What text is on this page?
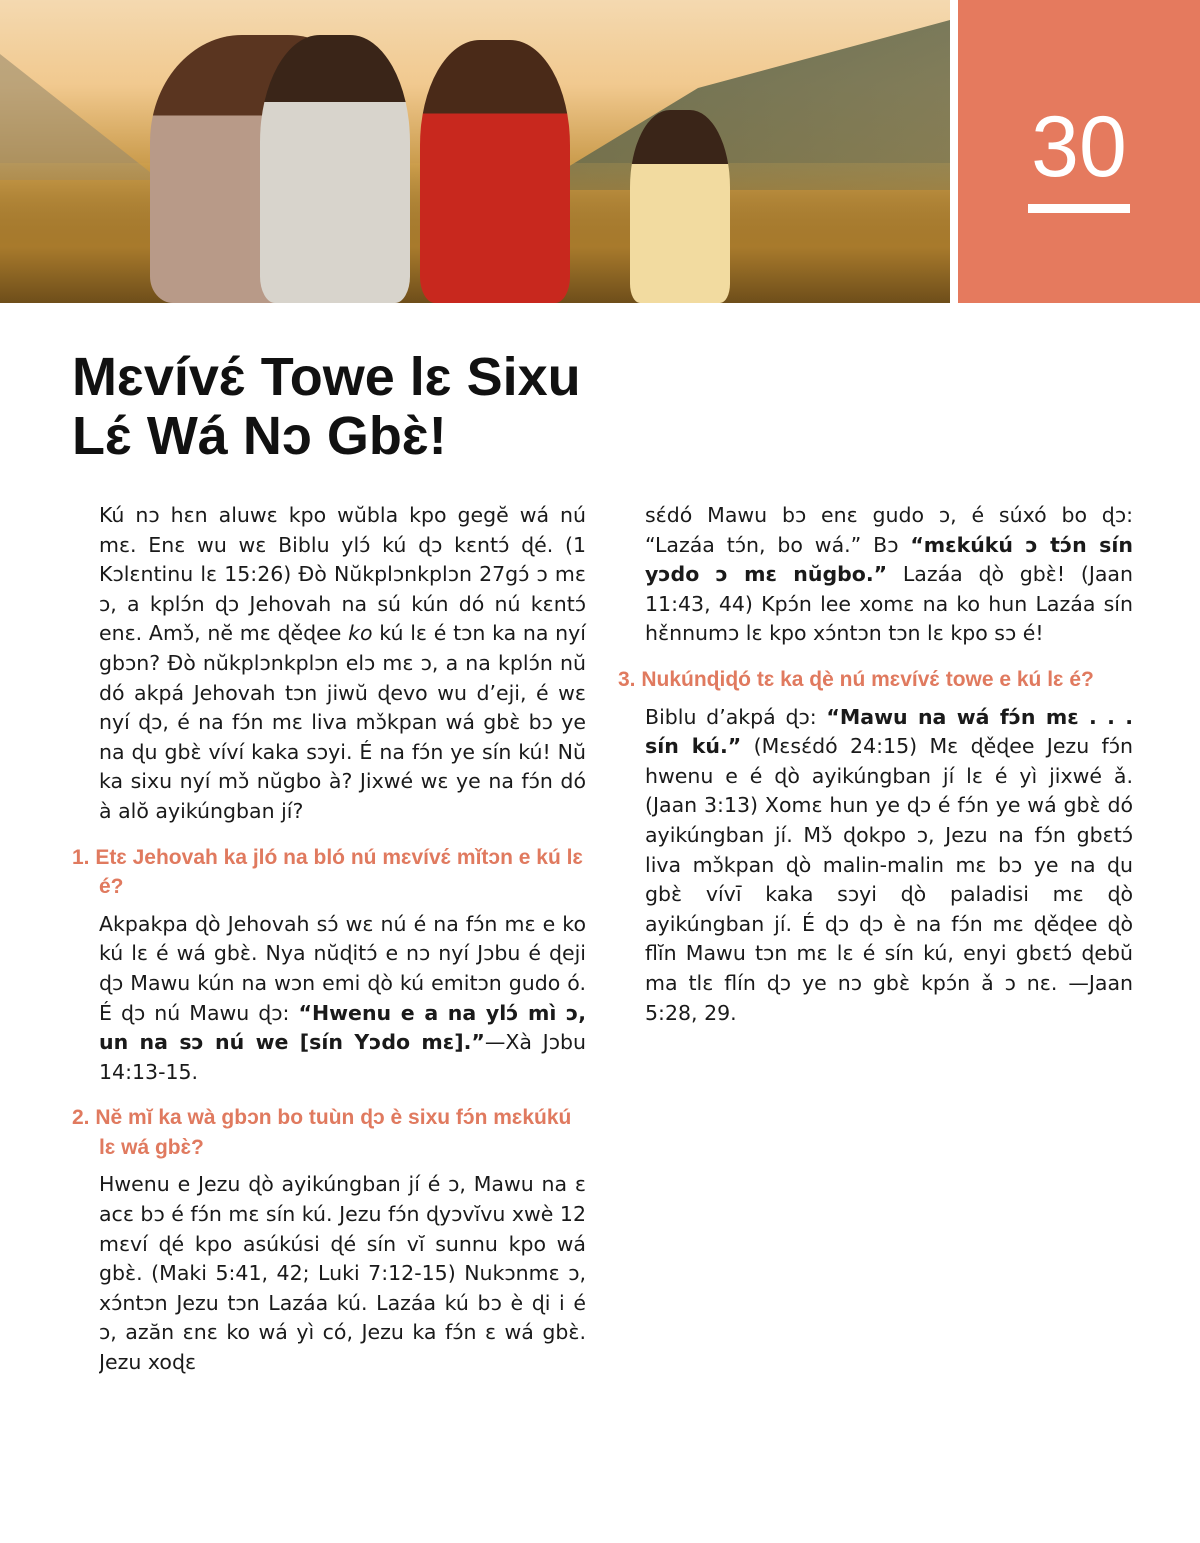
30
Mɛvívɛ́ Towe lɛ Sixu
Lɛ́ Wá Nɔ Gbɛ̀!

Kú nɔ hɛn aluwɛ kpo wŭbla kpo gegĕ wá nú mɛ. Enɛ wu wɛ Biblu ylɔ́ kú ɖɔ kɛntɔ́ ɖé. (1 Kɔlɛntinu lɛ 15:26) Ðò Nŭkplɔnkplɔn 27gɔ́ ɔ mɛ ɔ, a kplɔ́n ɖɔ Jehovah na sú kún dó nú kɛntɔ́ enɛ. Amɔ̌, nĕ mɛ ɖěɖee ko kú lɛ é tɔn ka na nyí gbɔn? Ðò nŭkplɔnkplɔn elɔ mɛ ɔ, a na kplɔ́n nŭ dó akpá Jehovah tɔn jiwŭ ɖevo wu d’eji, é wɛ nyí ɖɔ, é na fɔ́n mɛ liva mɔ̌kpan wá gbɛ̀ bɔ ye na ɖu gbɛ̀ víví kaka sɔyi. É na fɔ́n ye sín kú! Nŭ ka sixu nyí mɔ̌ nŭgbo à? Jixwé wɛ ye na fɔ́n dó à alŏ ayikúngban jí?

1. Etɛ Jehovah ka jló na bló nú mɛvívɛ́ mǐtɔn e kú lɛ é?

Akpakpa ɖò Jehovah sɔ́ wɛ nú é na fɔ́n mɛ e ko kú lɛ é wá gbɛ̀. Nya nŭɖitɔ́ e nɔ nyí Jɔbu é ɖeji ɖɔ Mawu kún na wɔn emi ɖò kú emitɔn gudo ó. É ɖɔ nú Mawu ɖɔ: “Hwenu e a na ylɔ́ mì ɔ, un na sɔ nú we [sín Yɔdo mɛ].”—Xà Jɔbu 14:13-15.

2. Nĕ mĭ ka wà gbɔn bo tuùn ɖɔ è sixu fɔ́n mɛkúkú lɛ wá gbɛ̀?

Hwenu e Jezu ɖò ayikúngban jí é ɔ, Mawu na ɛ acɛ bɔ é fɔ́n mɛ sín kú. Jezu fɔ́n ɖyɔvĭvu xwè 12 mɛví ɖé kpo asúkúsi ɖé sín vĭ sunnu kpo wá gbɛ̀. (Maki 5:41, 42; Luki 7:12-15) Nukɔnmɛ ɔ, xɔ́ntɔn Jezu tɔn Lazáa kú. Lazáa kú bɔ è ɖi i é ɔ, azăn ɛnɛ ko wá yì có, Jezu ka fɔ́n ɛ wá gbɛ̀. Jezu xoɖɛ

sɛ́dó Mawu bɔ enɛ gudo ɔ, é súxó bo ɖɔ: “Lazáa tɔ́n, bo wá.” Bɔ “mɛkúkú ɔ tɔ́n sín yɔdo ɔ mɛ nŭgbo.” Lazáa ɖò gbɛ̀! (Jaan 11:43, 44) Kpɔ́n lee xomɛ na ko hun Lazáa sín hɛ̌nnumɔ lɛ kpo xɔ́ntɔn tɔn lɛ kpo sɔ é!

3. Nukúnɖiɖó tɛ ka ɖè nú mɛvívɛ́ towe e kú lɛ é?

Biblu d’akpá ɖɔ: “Mawu na wá fɔ́n mɛ . . . sín kú.” (Mɛsɛ́dó 24:15) Mɛ ɖěɖee Jezu fɔ́n hwenu e é ɖò ayikúngban jí lɛ é yì jixwé ǎ. (Jaan 3:13) Xomɛ hun ye ɖɔ é fɔ́n ye wá gbɛ̀ dó ayikúngban jí. Mɔ̌ ɖokpo ɔ, Jezu na fɔ́n gbɛtɔ́ liva mɔ̌kpan ɖò malin-malin mɛ bɔ ye na ɖu gbɛ̀ vívī kaka sɔyi ɖò paladisi mɛ ɖò ayikúngban jí. É ɖɔ ɖɔ è na fɔ́n mɛ ɖěɖee ɖò flĭn Mawu tɔn mɛ lɛ é sín kú, enyi gbɛtɔ́ ɖebŭ ma tlɛ flín ɖɔ ye nɔ gbɛ̀ kpɔ́n ǎ ɔ nɛ. —Jaan 5:28, 29.
